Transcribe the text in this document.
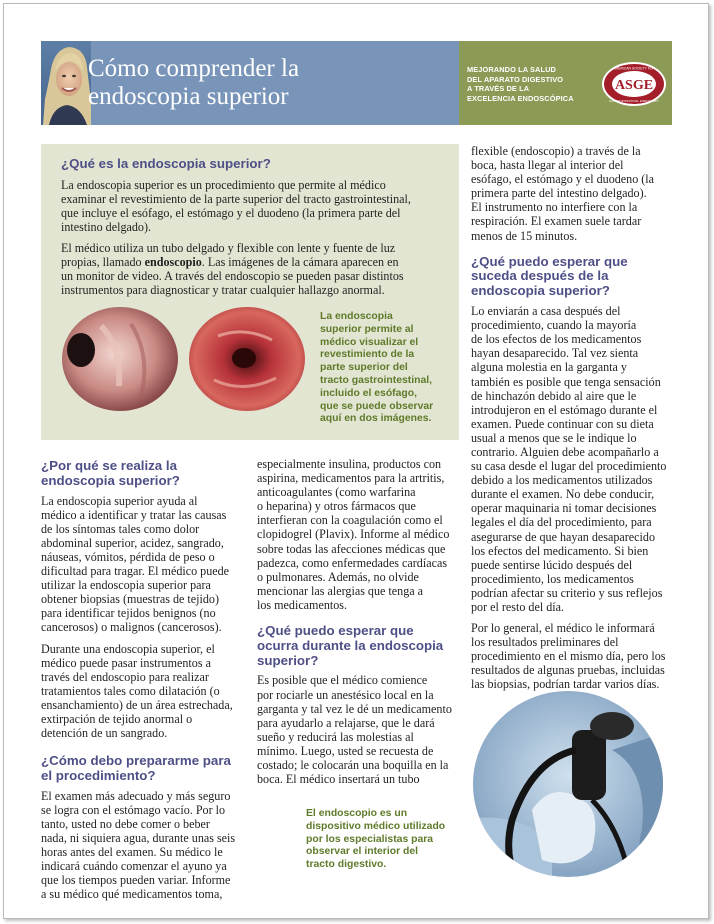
Cómo comprender la
endoscopia superior
MEJORANDO LA SALUD
DEL APARATO DIGESTIVO
A TRAVÉS DE LA
EXCELENCIA ENDOSCÓPICA
ASGE
AMERICAN SOCIETY FOR
GASTROINTESTINAL ENDOSCOPY
¿Qué es la endoscopia superior?

La endoscopia superior es un procedimiento que permite al médico
examinar el revestimiento de la parte superior del tracto gastrointestinal,
que incluye el esófago, el estómago y el duodeno (la primera parte del
intestino delgado).

El médico utiliza un tubo delgado y flexible con lente y fuente de luz
propias, llamado endoscopio. Las imágenes de la cámara aparecen en
un monitor de video. A través del endoscopio se pueden pasar distintos
instrumentos para diagnosticar y tratar cualquier hallazgo anormal.

La endoscopia
superior permite al
médico visualizar el
revestimiento de la
parte superior del
tracto gastrointestinal,
incluido el esófago,
que se puede observar
aquí en dos imágenes.
¿Por qué se realiza la
endoscopia superior?

La endoscopia superior ayuda al
médico a identificar y tratar las causas
de los síntomas tales como dolor
abdominal superior, acidez, sangrado,
náuseas, vómitos, pérdida de peso o
dificultad para tragar. El médico puede
utilizar la endoscopia superior para
obtener biopsias (muestras de tejido)
para identificar tejidos benignos (no
cancerosos) o malignos (cancerosos).

Durante una endoscopia superior, el
médico puede pasar instrumentos a
través del endoscopio para realizar
tratamientos tales como dilatación (o
ensanchamiento) de un área estrechada,
extirpación de tejido anormal o
detención de un sangrado.

¿Cómo debo prepararme para
el procedimiento?

El examen más adecuado y más seguro
se logra con el estómago vacío. Por lo
tanto, usted no debe comer o beber
nada, ni siquiera agua, durante unas seis
horas antes del examen. Su médico le
indicará cuándo comenzar el ayuno ya
que los tiempos pueden variar. Informe
a su médico qué medicamentos toma,

especialmente insulina, productos con
aspirina, medicamentos para la artritis,
anticoagulantes (como warfarina
o heparina) y otros fármacos que
interfieran con la coagulación como el
clopidogrel (Plavix). Informe al médico
sobre todas las afecciones médicas que
padezca, como enfermedades cardíacas
o pulmonares. Además, no olvide
mencionar las alergias que tenga a
los medicamentos.

¿Qué puedo esperar que
ocurra durante la endoscopia
superior?

Es posible que el médico comience
por rociarle un anestésico local en la
garganta y tal vez le dé un medicamento
para ayudarlo a relajarse, que le dará
sueño y reducirá las molestias al
mínimo. Luego, usted se recuesta de
costado; le colocarán una boquilla en la
boca. El médico insertará un tubo

El endoscopio es un
dispositivo médico utilizado
por los especialistas para
observar el interior del
tracto digestivo.

flexible (endoscopio) a través de la
boca, hasta llegar al interior del
esófago, el estómago y el duodeno (la
primera parte del intestino delgado).
El instrumento no interfiere con la
respiración. El examen suele tardar
menos de 15 minutos.

¿Qué puedo esperar que
suceda después de la
endoscopia superior?

Lo enviarán a casa después del
procedimiento, cuando la mayoría
de los efectos de los medicamentos
hayan desaparecido. Tal vez sienta
alguna molestia en la garganta y
también es posible que tenga sensación
de hinchazón debido al aire que le
introdujeron en el estómago durante el
examen. Puede continuar con su dieta
usual a menos que se le indique lo
contrario. Alguien debe acompañarlo a
su casa desde el lugar del procedimiento
debido a los medicamentos utilizados
durante el examen. No debe conducir,
operar maquinaria ni tomar decisiones
legales el día del procedimiento, para
asegurarse de que hayan desaparecido
los efectos del medicamento. Si bien
puede sentirse lúcido después del
procedimiento, los medicamentos
podrían afectar su criterio y sus reflejos
por el resto del día.

Por lo general, el médico le informará
los resultados preliminares del
procedimiento en el mismo día, pero los
resultados de algunas pruebas, incluidas
las biopsias, podrían tardar varios días.
